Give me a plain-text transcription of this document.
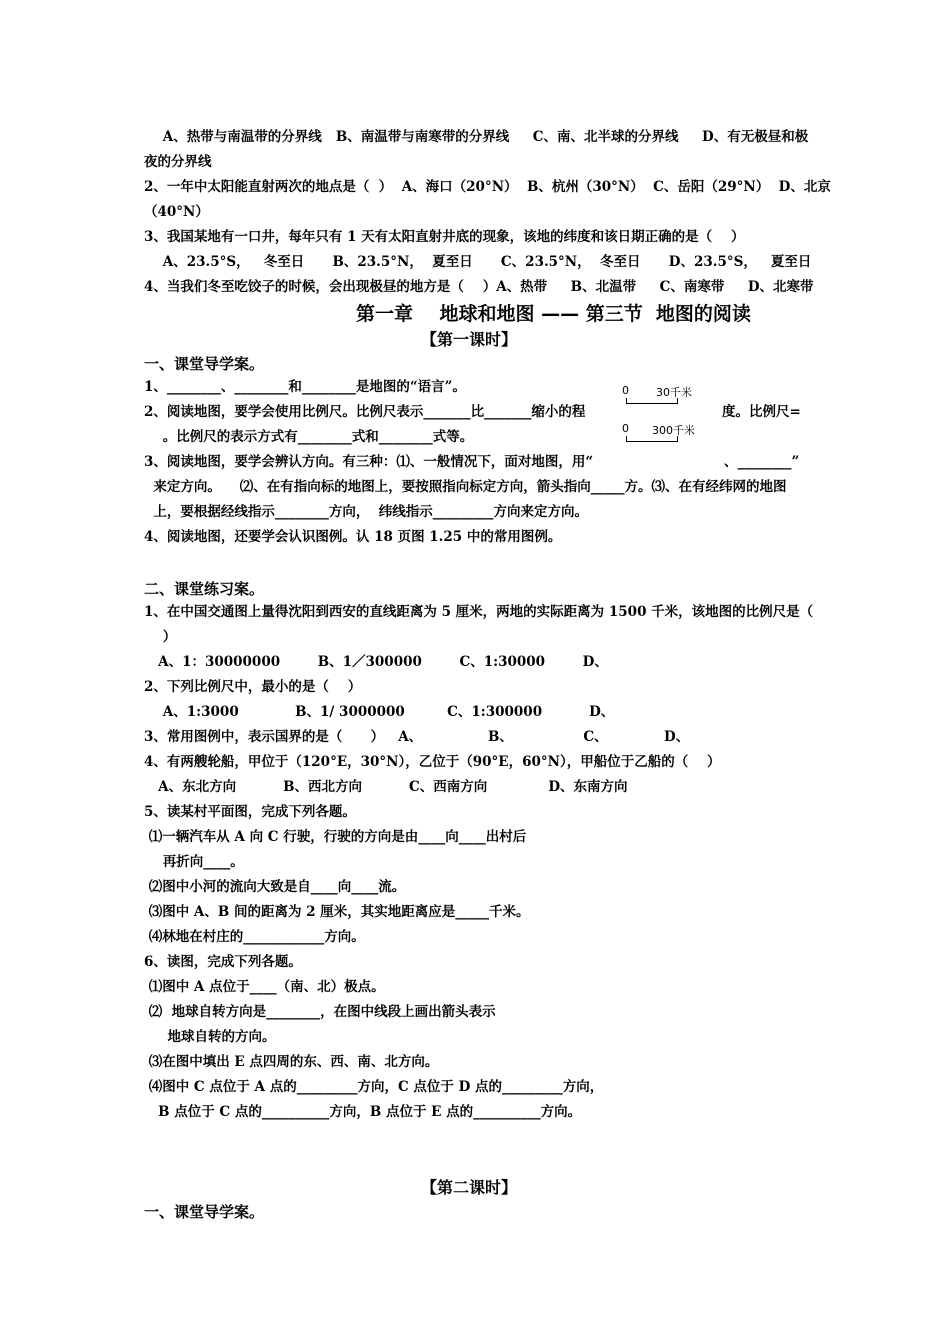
A、热带与南温带的分界线   B、南温带与南寒带的分界线     C、南、北半球的分界线     D、有无极昼和极
夜的分界线
2、一年中太阳能直射两次的地点是（  ）  A、海口（20°N）  B、杭州（30°N）  C、岳阳（29°N）  D、北京
（40°N）
3、我国某地有一口井，每年只有 1 天有太阳直射井底的现象，该地的纬度和该日期正确的是（    ）
A、23.5°S，   冬至日      B、23.5°N，  夏至日      C、23.5°N，  冬至日      D、23.5°S，   夏至日
4、当我们冬至吃饺子的时候，会出现极昼的地方是（    ）A、热带     B、北温带     C、南寒带     D、北寒带
第一章    地球和地图 —— 第三节  地图的阅读
【第一课时】
一、课堂导学案。
1、________、________和________是地图的“语言”。
2、阅读地图，要学会使用比例尺。比例尺表示_______比_______缩小的程	度。比例尺=
。比例尺的表示方式有________式和________式等。
3、阅读地图，要学会辨认方向。有三种：⑴、一般情况下，面对地图，用“	、________”
来定方向。    ⑵、在有指向标的地图上，要按照指向标定方向，箭头指向_____方。⑶、在有经纬网的地图
上，要根据经线指示________方向，  纬线指示_________方向来定方向。
4、阅读地图，还要学会认识图例。认 18 页图 1.25 中的常用图例。
0 30千米
0 300千米
二、课堂练习案。
1、在中国交通图上量得沈阳到西安的直线距离为 5 厘米，两地的实际距离为 1500 千米，该地图的比例尺是（
）
A、1：30000000        B、1／300000        C、1:30000        D、
2、下列比例尺中，最小的是（    ）
A、1:3000            B、1/ 3000000         C、1:300000          D、
3、常用图例中，表示国界的是（      ）   A、              B、               C、            D、
4、有两艘轮船，甲位于（120°E，30°N），乙位于（90°E，60°N），甲船位于乙船的（    ）
A、东北方向          B、西北方向          C、西南方向             D、东南方向
5、读某村平面图，完成下列各题。
⑴一辆汽车从 A 向 C 行驶，行驶的方向是由____向____出村后
再折向____。
⑵图中小河的流向大致是自____向____流。
⑶图中 A、B 间的距离为 2 厘米，其实地距离应是_____千米。
⑷林地在村庄的____________方向。
6、读图，完成下列各题。
⑴图中 A 点位于____（南、北）极点。
⑵  地球自转方向是________，在图中线段上画出箭头表示
地球自转的方向。
⑶在图中填出 E 点四周的东、西、南、北方向。
⑷图中 C 点位于 A 点的_________方向，C 点位于 D 点的_________方向，
B 点位于 C 点的__________方向，B 点位于 E 点的__________方向。
【第二课时】
一、课堂导学案。
